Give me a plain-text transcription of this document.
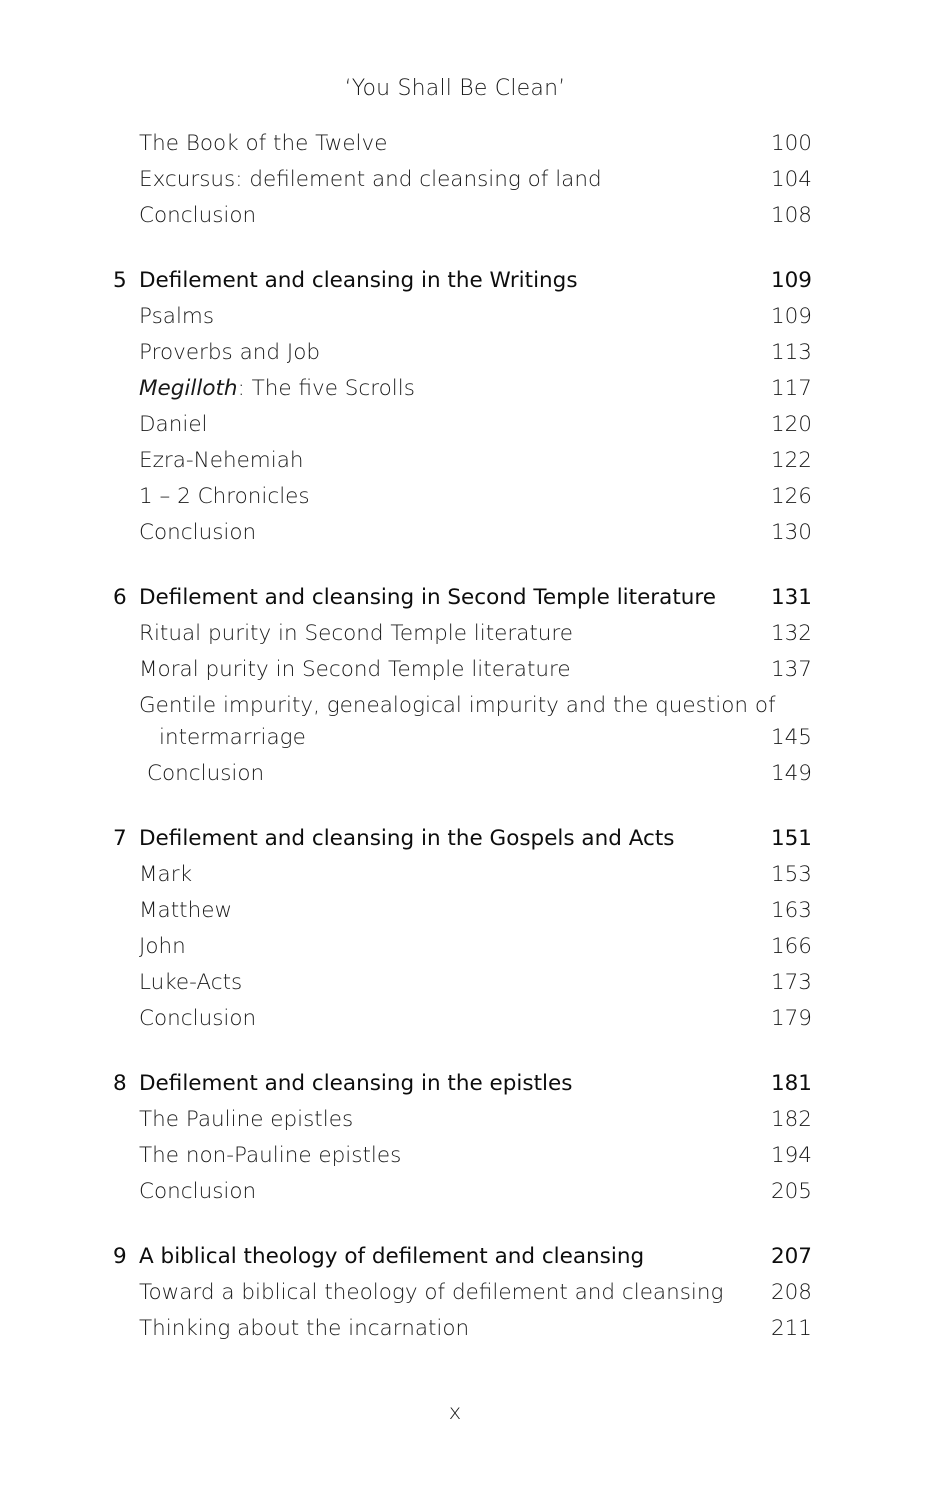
‘You Shall Be Clean’
The Book of the Twelve	100
Excursus: defilement and cleansing of land	104
Conclusion	108
5 Defilement and cleansing in the Writings	109
Psalms	109
Proverbs and Job	113
Megilloth: The five Scrolls	117
Daniel	120
Ezra-Nehemiah	122
1 – 2 Chronicles	126
Conclusion	130
6 Defilement and cleansing in Second Temple literature	131
Ritual purity in Second Temple literature	132
Moral purity in Second Temple literature	137
Gentile impurity, genealogical impurity and the question of
intermarriage	145
Conclusion	149
7 Defilement and cleansing in the Gospels and Acts	151
Mark	153
Matthew	163
John	166
Luke-Acts	173
Conclusion	179
8 Defilement and cleansing in the epistles	181
The Pauline epistles	182
The non-Pauline epistles	194
Conclusion	205
9 A biblical theology of defilement and cleansing	207
Toward a biblical theology of defilement and cleansing 208
Thinking about the incarnation	211
x
